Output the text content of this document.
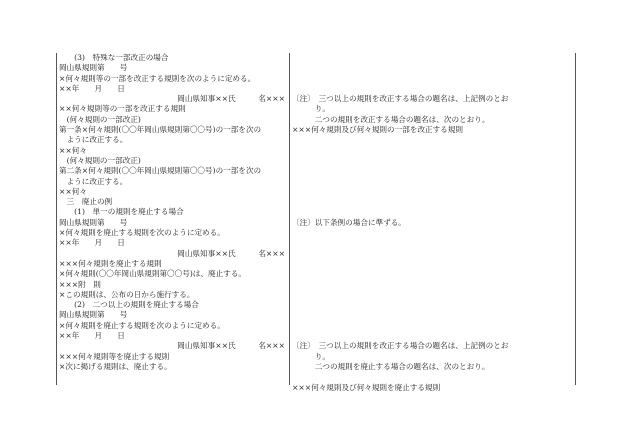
　　(3)　特殊な一部改正の場合
岡山県規則第　　号
×何々規則等の一部を改正する規則を次のように定める。
××年　　月　　日
岡山県知事××氏　　　名×××
××何々規則等の一部を改正する規則
　(何々規則の一部改正)
第一条×何々規則(〇〇年岡山県規則第〇〇号)の一部を次の
　ように改正する。
××何々
　(何々規則の一部改正)
第二条×何々規則(〇〇年岡山県規則第〇〇号)の一部を次の
　ように改正する。
××何々
　三　廃止の例
　　(1)　単一の規則を廃止する場合
岡山県規則第　　号
×何々規則を廃止する規則を次のように定める。
××年　　月　　日
岡山県知事××氏　　　名×××
×××何々規則を廃止する規則
×何々規則(〇〇年岡山県規則第〇〇号)は、廃止する。
×××附　則
×この規則は、公布の日から施行する。
　　(2)　二つ以上の規則を廃止する場合
岡山県規則第　　号
×何々規則を廃止する規則を次のように定める。
××年　　月　　日
岡山県知事××氏　　　名×××
×××何々規則等を廃止する規則
×次に掲げる規則は、廃止する。
〔注〕　三つ以上の規則を改正する場合の題名は、上記例のとお
　　　り。
　　　二つの規則を改正する場合の題名は、次のとおり。
×××何々規則及び何々規則の一部を改正する規則
〔注〕以下条例の場合に準ずる。
〔注〕　三つ以上の規則を改正する場合の題名は、上記例のとお
　　　り。
　　　二つの規則を廃止する場合の題名は、次のとおり。
×××何々規則及び何々規則を廃止する規則
